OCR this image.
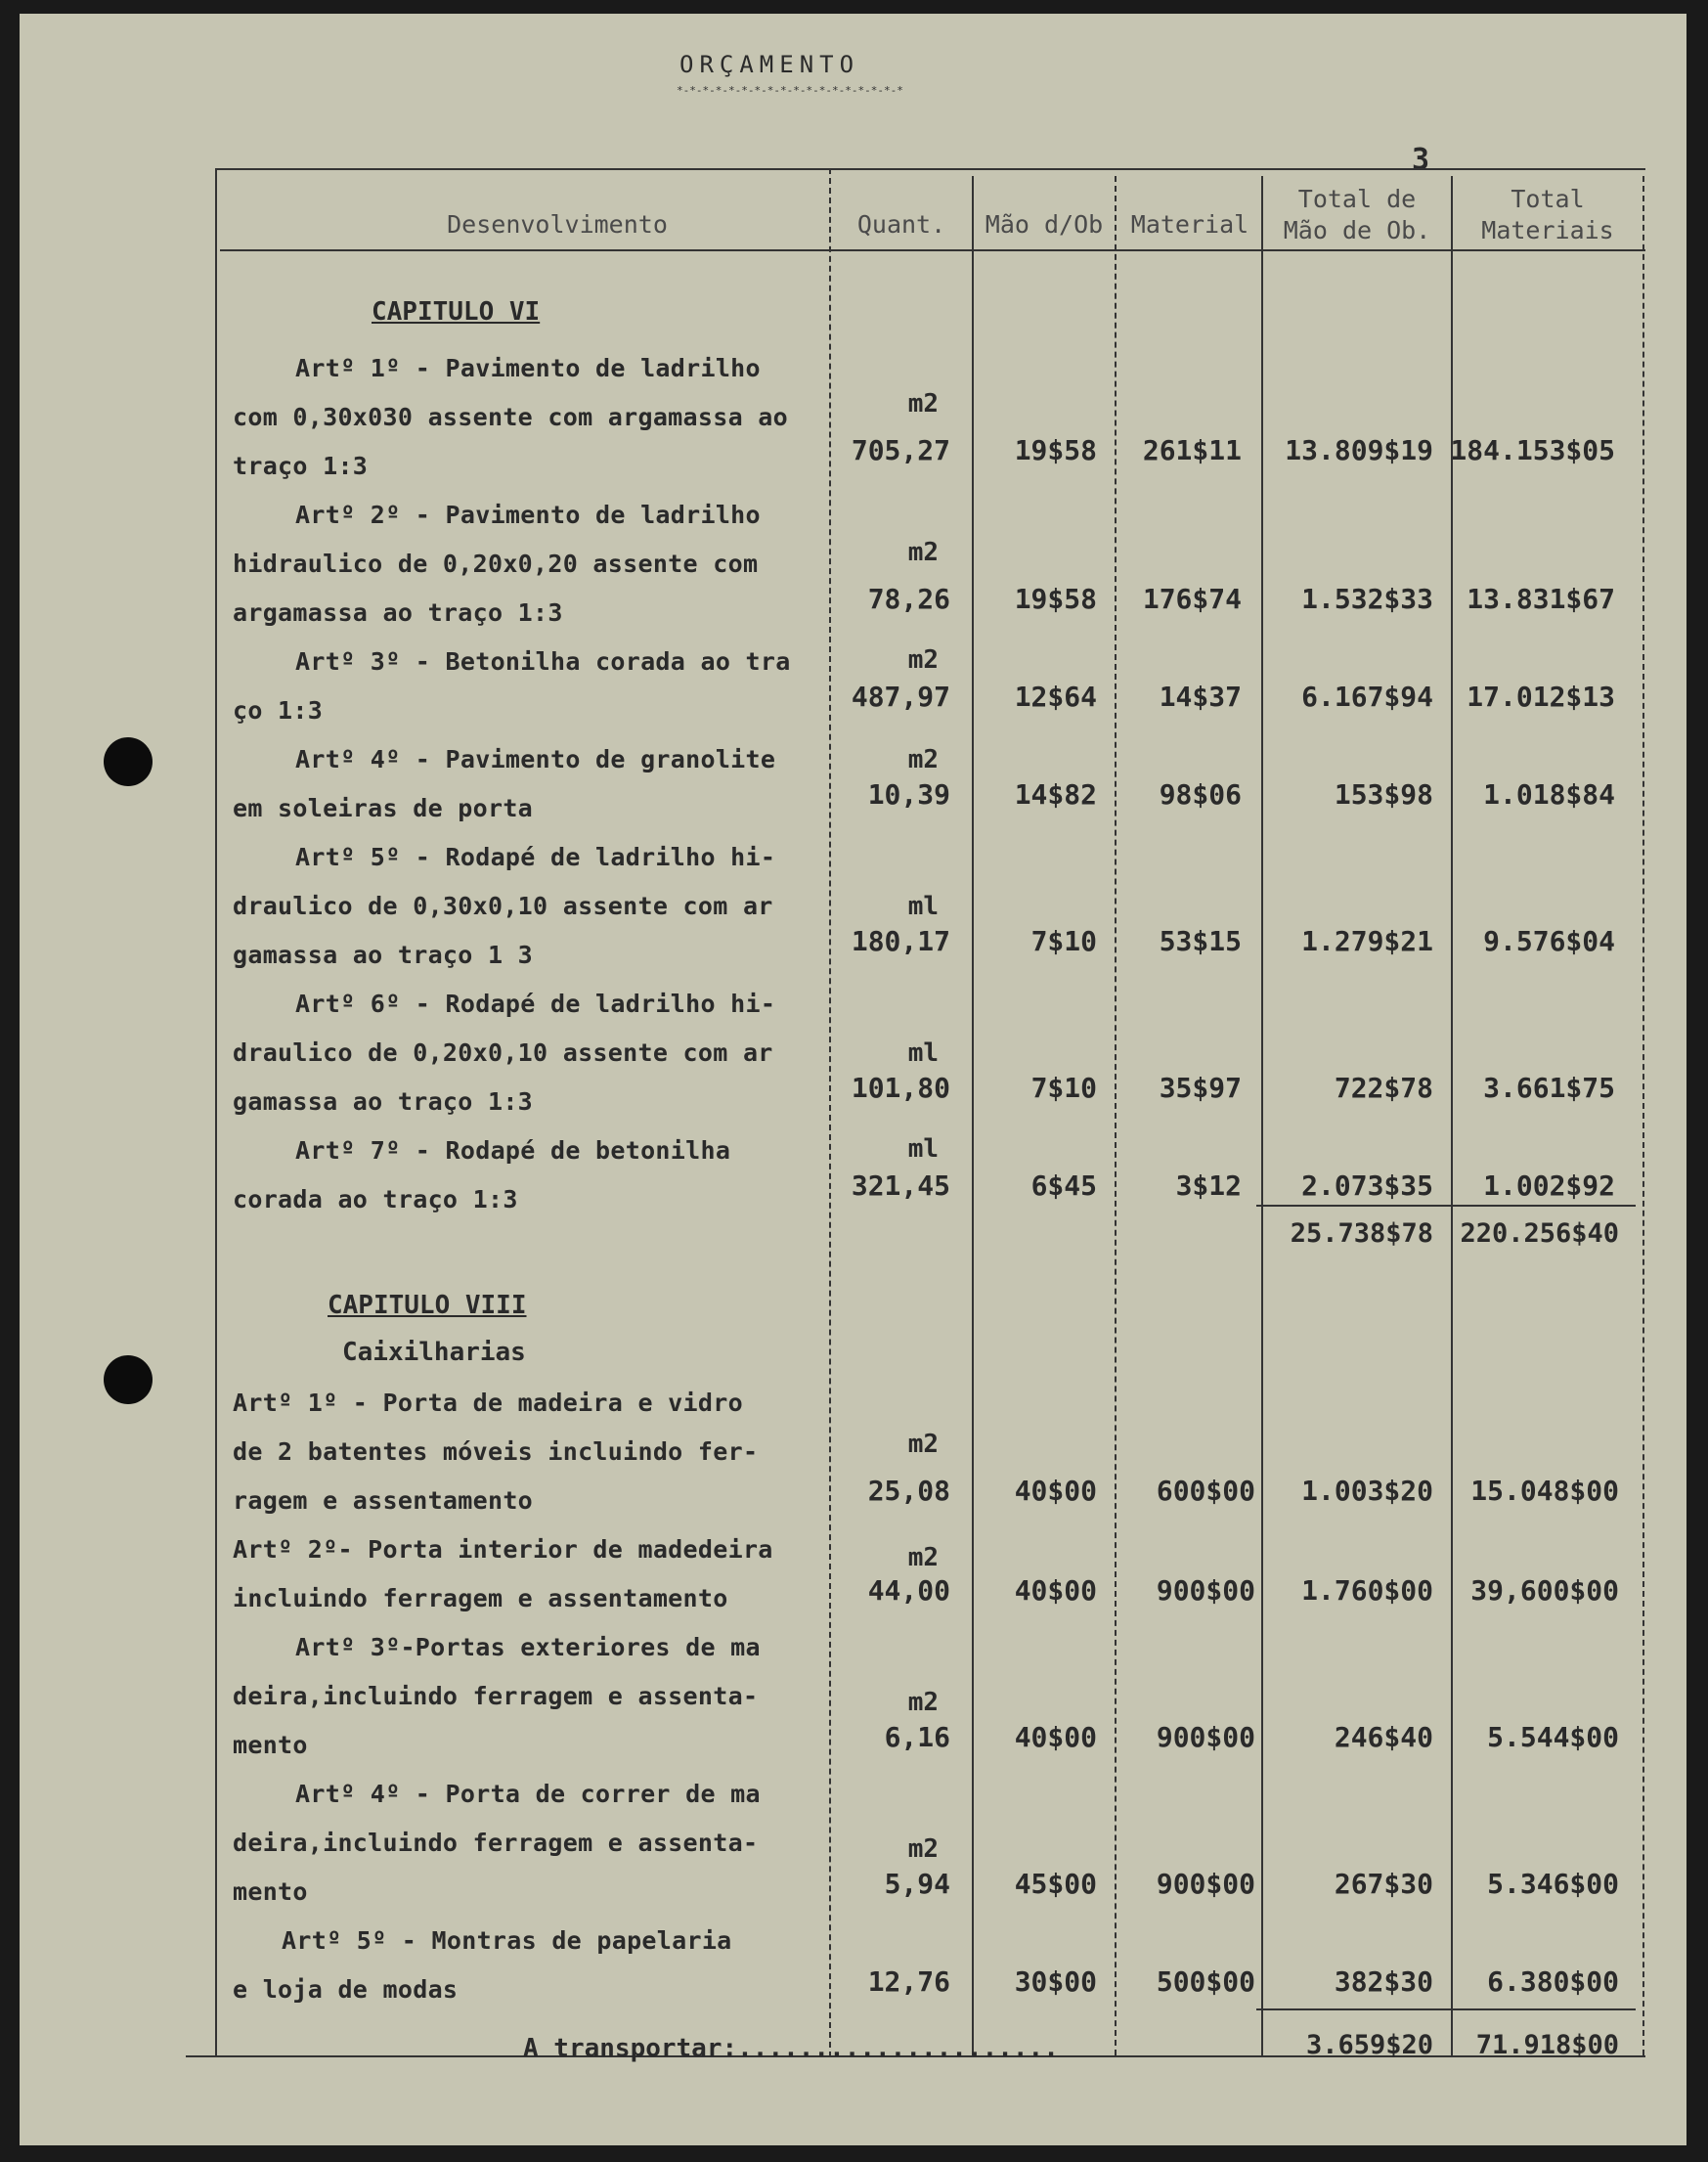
ORÇAMENTO
*-*-*-*-*-*-*-*-*-*-*-*-*-*-*-*-*-*
3
Desenvolvimento	Quant.	Mão d/Ob	Material
Total de
Mão de Ob.
Total
Materiais
CAPITULO VI
Artº 1º - Pavimento de ladrilho
com 0,30x030 assente com argamassa ao
traço 1:3
m2
705,27	19$58	261$11	13.809$19 184.153$05
Artº 2º - Pavimento de ladrilho
hidraulico de 0,20x0,20 assente com
argamassa ao traço 1:3
m2
78,26	19$58	176$74	1.532$33	13.831$67
Artº 3º - Betonilha corada ao tra
ço 1:3
m2
487,97	12$64	14$37	6.167$94	17.012$13
Artº 4º - Pavimento de granolite
em soleiras de porta
m2
10,39	14$82	98$06	153$98	1.018$84
Artº 5º - Rodapé de ladrilho hi-
draulico de 0,30x0,10 assente com ar
gamassa ao traço 1 3
ml
180,17	7$10	53$15	1.279$21	9.576$04
Artº 6º - Rodapé de ladrilho hi-
draulico de 0,20x0,10 assente com ar
gamassa ao traço 1:3
ml
101,80	7$10	35$97	722$78	3.661$75
Artº 7º - Rodapé de betonilha
corada ao traço 1:3
ml
321,45	6$45	3$12	2.073$35	1.002$92
25.738$78	220.256$40
CAPITULO VIII
Caixilharias
Artº 1º - Porta de madeira e vidro
de 2 batentes móveis incluindo fer-
ragem e assentamento
m2
25,08	40$00	600$00	1.003$20	15.048$00
Artº 2º- Porta interior de madedeira
incluindo ferragem e assentamento
m2
44,00	40$00	900$00	1.760$00	39,600$00
Artº 3º-Portas exteriores de ma
deira,incluindo ferragem e assenta-
mento
m2
6,16	40$00	900$00	246$40	5.544$00
Artº 4º - Porta de correr de ma
deira,incluindo ferragem e assenta-
mento
m2
5,94	45$00	900$00	267$30	5.346$00
Artº 5º - Montras de papelaria
e loja de modas	12,76	30$00	500$00	382$30	6.380$00
A transportar:.....................	3.659$20	71.918$00
